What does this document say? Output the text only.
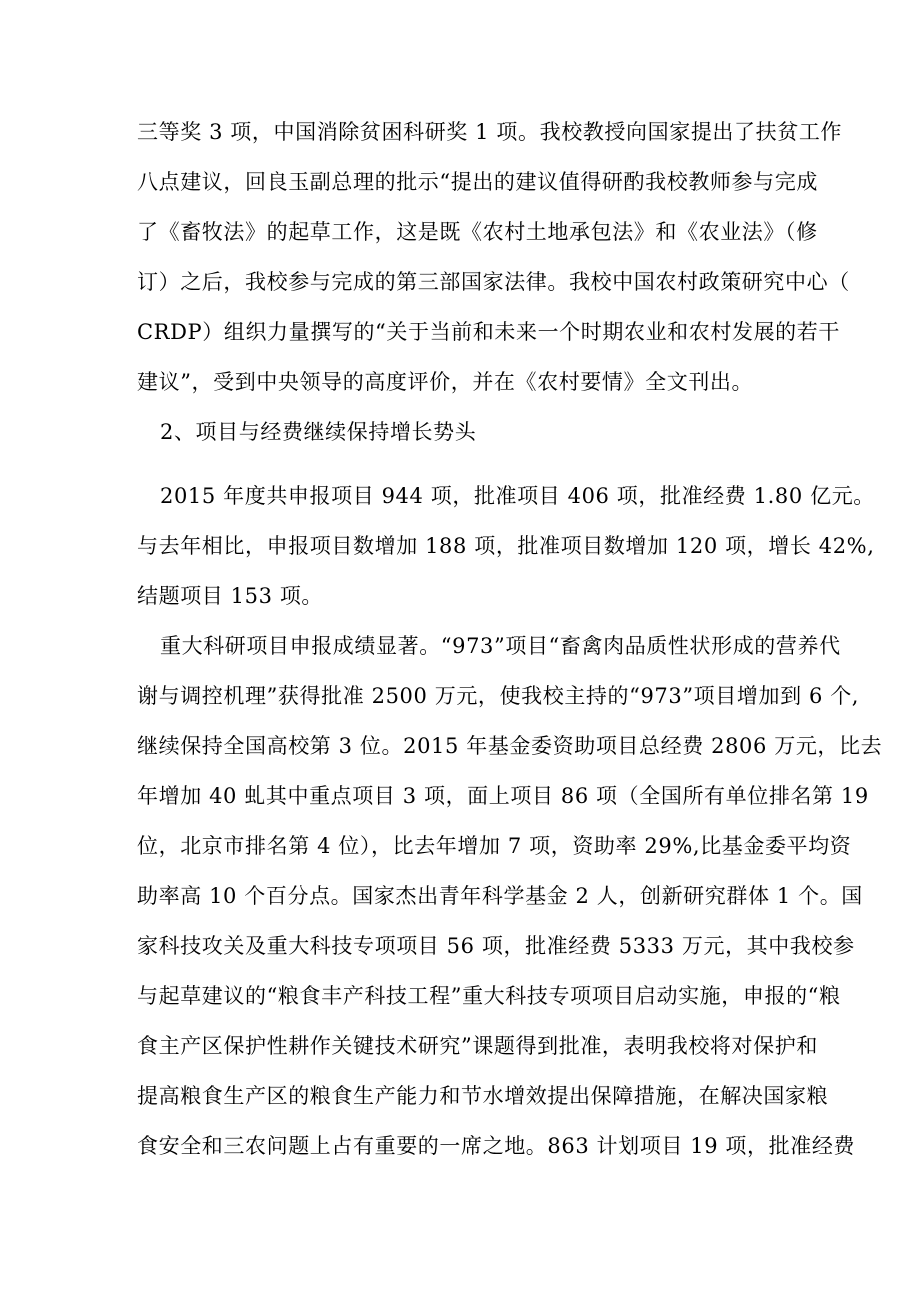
三等奖 3 项，中国消除贫困科研奖 1 项。我校教授向国家提出了扶贫工作
八点建议，回良玉副总理的批示“提出的建议值得研酌我校教师参与完成
了《畜牧法》的起草工作，这是既《农村土地承包法》和《农业法》（修
订）之后，我校参与完成的第三部国家法律。我校中国农村政策研究中心（
CRDP）组织力量撰写的“关于当前和未来一个时期农业和农村发展的若干
建议”，受到中央领导的高度评价，并在《农村要情》全文刊出。
2、项目与经费继续保持增长势头
2015 年度共申报项目 944 项，批准项目 406 项，批准经费 1.80 亿元。
与去年相比，申报项目数增加 188 项，批准项目数增加 120 项，增长 42%,
结题项目 153 项。
重大科研项目申报成绩显著。“973”项目“畜禽肉品质性状形成的营养代
谢与调控机理”获得批准 2500 万元，使我校主持的“973”项目增加到 6 个,
继续保持全国高校第 3 位。2015 年基金委资助项目总经费 2806 万元，比去
年增加 40 虬其中重点项目 3 项，面上项目 86 项（全国所有单位排名第 19
位，北京市排名第 4 位），比去年增加 7 项，资助率 29%,比基金委平均资
助率高 10 个百分点。国家杰出青年科学基金 2 人，创新研究群体 1 个。国
家科技攻关及重大科技专项项目 56 项，批准经费 5333 万元，其中我校参
与起草建议的“粮食丰产科技工程”重大科技专项项目启动实施，申报的“粮
食主产区保护性耕作关键技术研究”课题得到批准，表明我校将对保护和
提高粮食生产区的粮食生产能力和节水增效提出保障措施，在解决国家粮
食安全和三农问题上占有重要的一席之地。863 计划项目 19 项，批准经费
